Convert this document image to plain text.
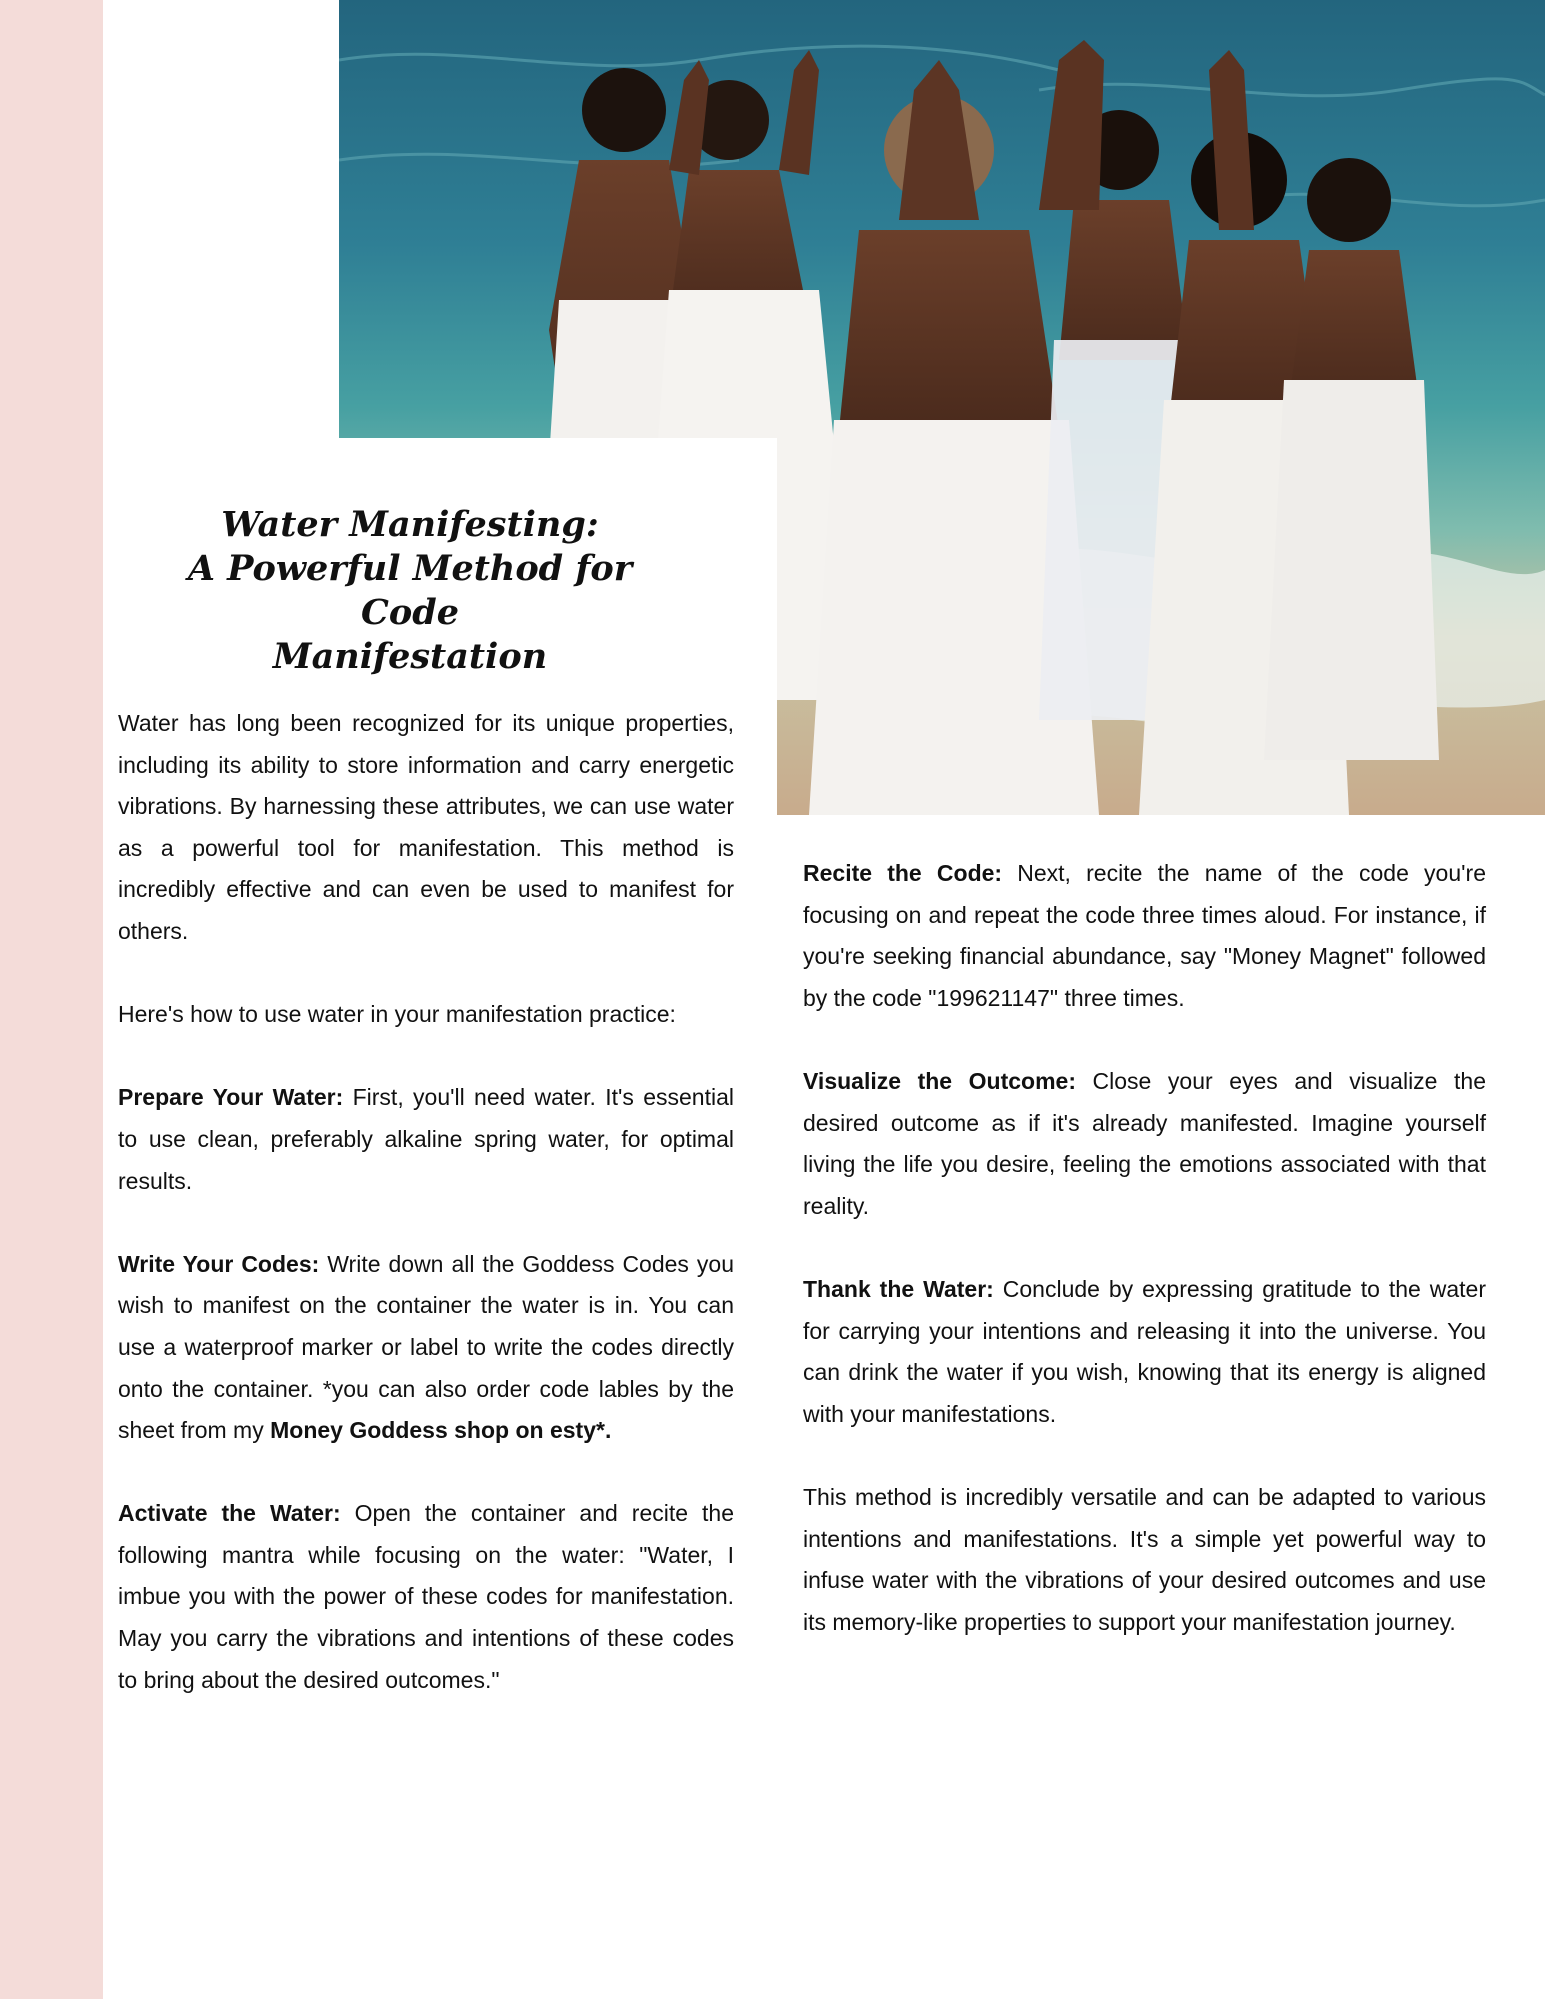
Water Manifesting:
A Powerful Method for Code
Manifestation

Water has long been recognized for its unique properties, including its ability to store information and carry energetic vibrations. By harnessing these attributes, we can use water as a powerful tool for manifestation. This method is incredibly effective and can even be used to manifest for others.

Here's how to use water in your manifestation practice:

Prepare Your Water: First, you'll need water. It's essential to use clean, preferably alkaline spring water, for optimal results.

Write Your Codes: Write down all the Goddess Codes you wish to manifest on the container the water is in. You can use a waterproof marker or label to write the codes directly onto the container. *you can also order code lables by the sheet from my Money Goddess shop on esty*.

Activate the Water: Open the container and recite the following mantra while focusing on the water: "Water, I imbue you with the power of these codes for manifestation. May you carry the vibrations and intentions of these codes to bring about the desired outcomes."

Recite the Code: Next, recite the name of the code you're focusing on and repeat the code three times aloud. For instance, if you're seeking financial abundance, say "Money Magnet" followed by the code "199621147" three times.

Visualize the Outcome: Close your eyes and visualize the desired outcome as if it's already manifested. Imagine yourself living the life you desire, feeling the emotions associated with that reality.

Thank the Water: Conclude by expressing gratitude to the water for carrying your intentions and releasing it into the universe. You can drink the water if you wish, knowing that its energy is aligned with your manifestations.

This method is incredibly versatile and can be adapted to various intentions and manifestations. It's a simple yet powerful way to infuse water with the vibrations of your desired outcomes and use its memory-like properties to support your manifestation journey.
